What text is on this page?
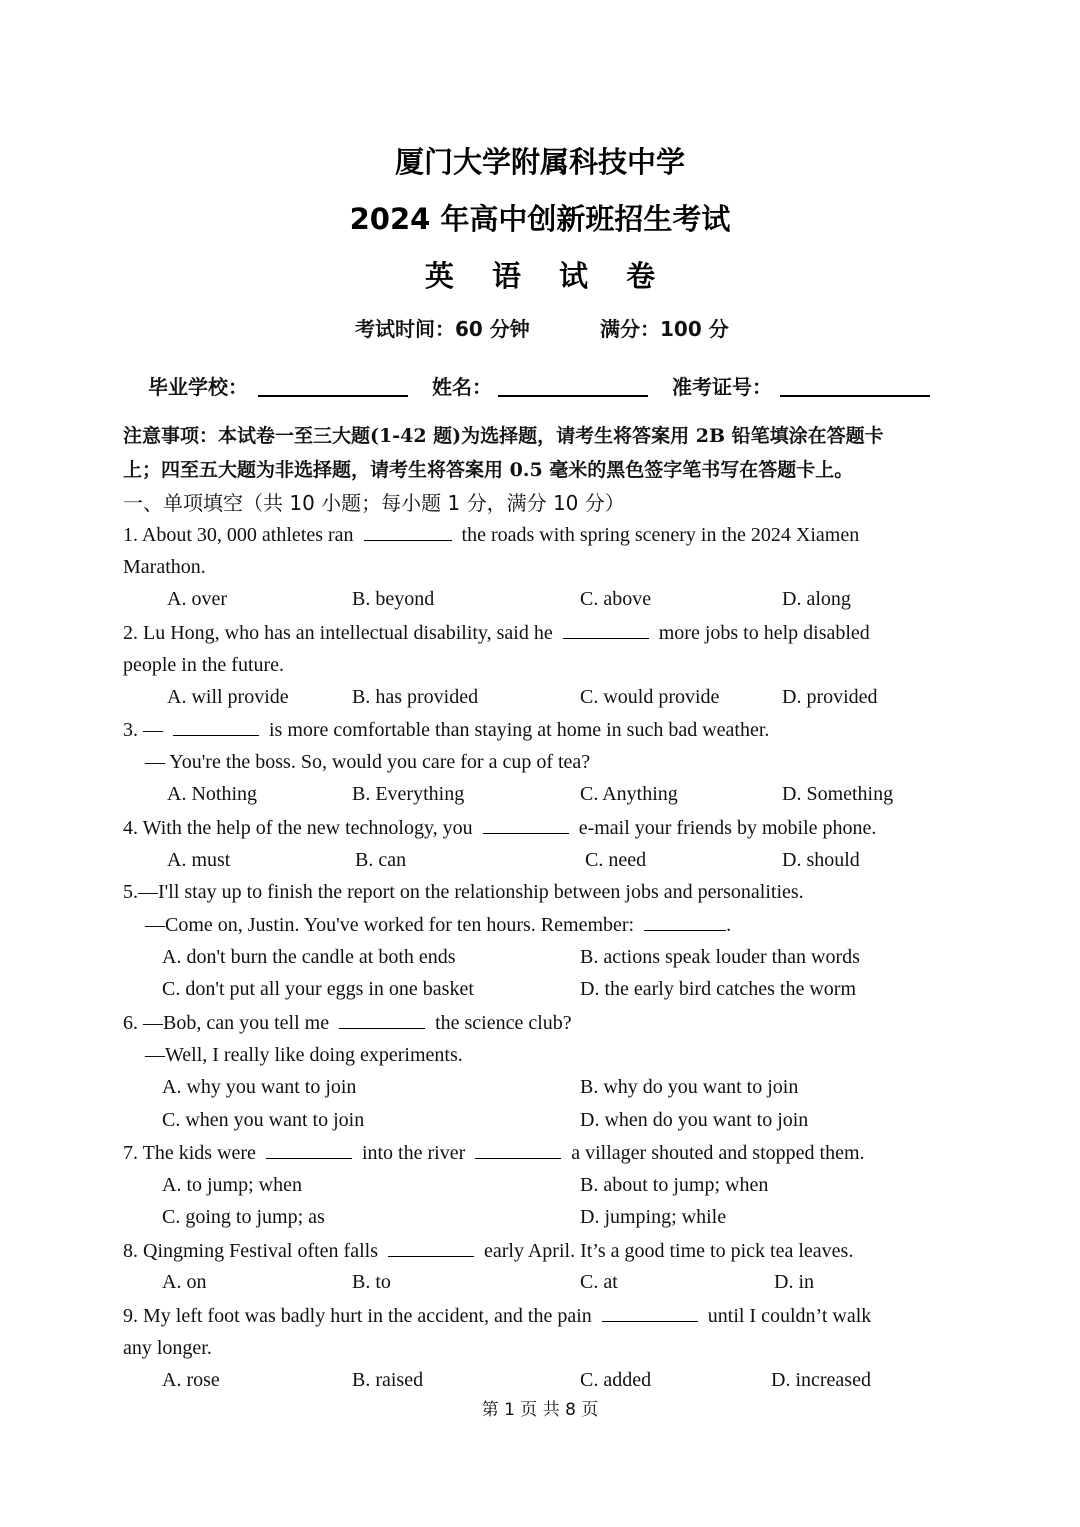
厦门大学附属科技中学
2024 年高中创新班招生考试
英 语 试 卷
考试时间：60 分钟	满分：100 分
毕业学校：	姓名：	准考证号：
注意事项：本试卷一至三大题(1-42 题)为选择题，请考生将答案用 2B 铅笔填涂在答题卡
上；四至五大题为非选择题，请考生将答案用 0.5 毫米的黑色签字笔书写在答题卡上。
一、单项填空（共 10 小题；每小题 1 分，满分 10 分）
1. About 30, 000 athletes ran	the roads with spring scenery in the 2024 Xiamen
Marathon.
A. over	B. beyond	C. above	D. along
2. Lu Hong, who has an intellectual disability, said he	more jobs to help disabled
people in the future.
A. will provide	B. has provided	C. would provide	D. provided
3. —	is more comfortable than staying at home in such bad weather.
— You're the boss. So, would you care for a cup of tea?
A. Nothing	B. Everything	C. Anything	D. Something
4. With the help of the new technology, you	e-mail your friends by mobile phone.
A. must	B. can	C. need	D. should
5.—I'll stay up to finish the report on the relationship between jobs and personalities.
—Come on, Justin. You've worked for ten hours. Remember:	.
A. don't burn the candle at both ends	B. actions speak louder than words
C. don't put all your eggs in one basket	D. the early bird catches the worm
6. —Bob, can you tell me	the science club?
—Well, I really like doing experiments.
A. why you want to join	B. why do you want to join
C. when you want to join	D. when do you want to join
7. The kids were	into the river	a villager shouted and stopped them.
A. to jump; when	B. about to jump; when
C. going to jump; as	D. jumping; while
8. Qingming Festival often falls	early April. It’s a good time to pick tea leaves.
A. on	B. to	C. at	D. in
9. My left foot was badly hurt in the accident, and the pain	until I couldn’t walk
any longer.
A. rose	B. raised	C. added	D. increased
第 1 页 共 8 页
